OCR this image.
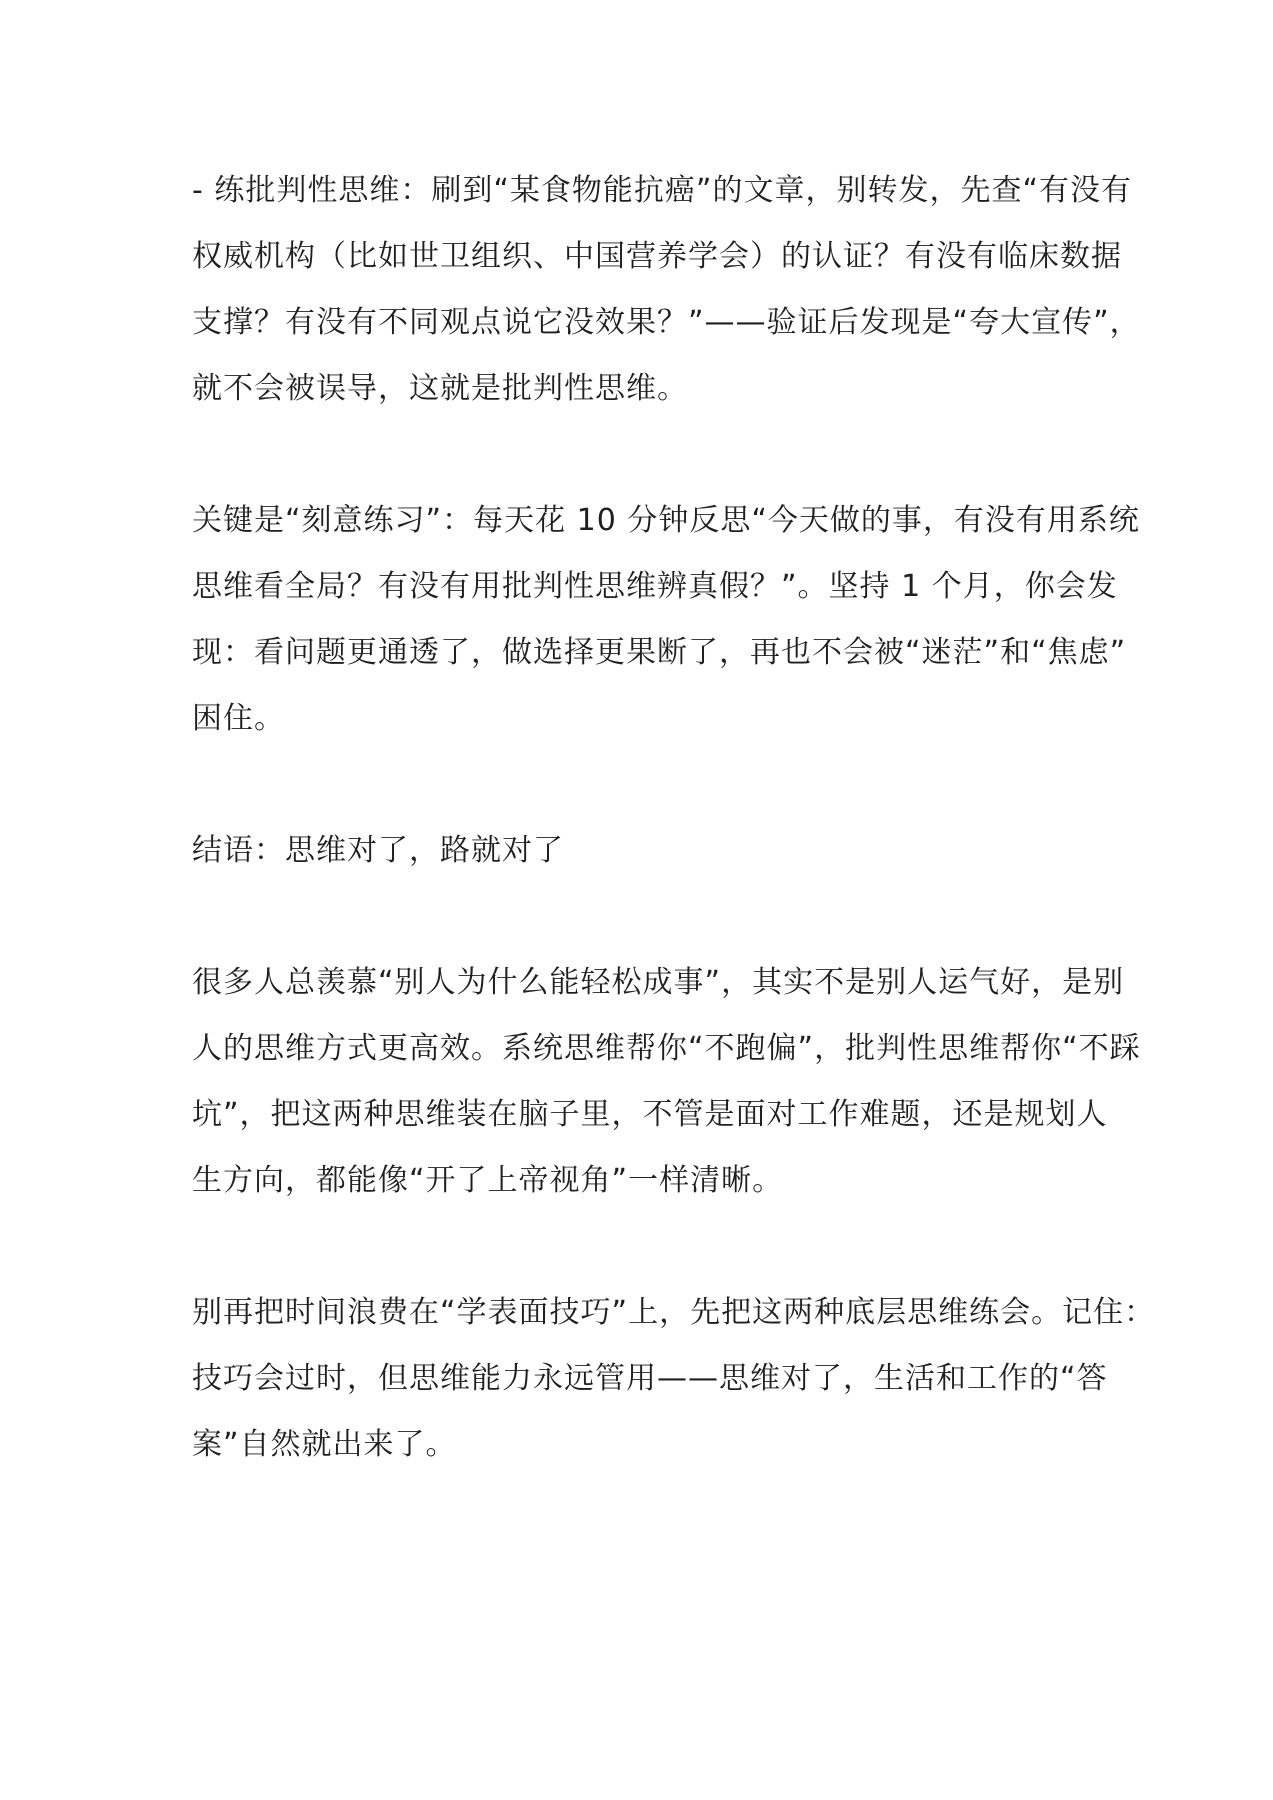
- 练批判性思维：刷到“某食物能抗癌”的文章，别转发，先查“有没有
权威机构（比如世卫组织、中国营养学会）的认证？有没有临床数据
支撑？有没有不同观点说它没效果？”——验证后发现是“夸大宣传”，
就不会被误导，这就是批判性思维。

关键是“刻意练习”：每天花 10 分钟反思“今天做的事，有没有用系统
思维看全局？有没有用批判性思维辨真假？”。坚持 1 个月，你会发
现：看问题更通透了，做选择更果断了，再也不会被“迷茫”和“焦虑”
困住。

结语：思维对了，路就对了

很多人总羡慕“别人为什么能轻松成事”，其实不是别人运气好，是别
人的思维方式更高效。系统思维帮你“不跑偏”，批判性思维帮你“不踩
坑”，把这两种思维装在脑子里，不管是面对工作难题，还是规划人
生方向，都能像“开了上帝视角”一样清晰。

别再把时间浪费在“学表面技巧”上，先把这两种底层思维练会。记住：
技巧会过时，但思维能力永远管用——思维对了，生活和工作的“答
案”自然就出来了。
